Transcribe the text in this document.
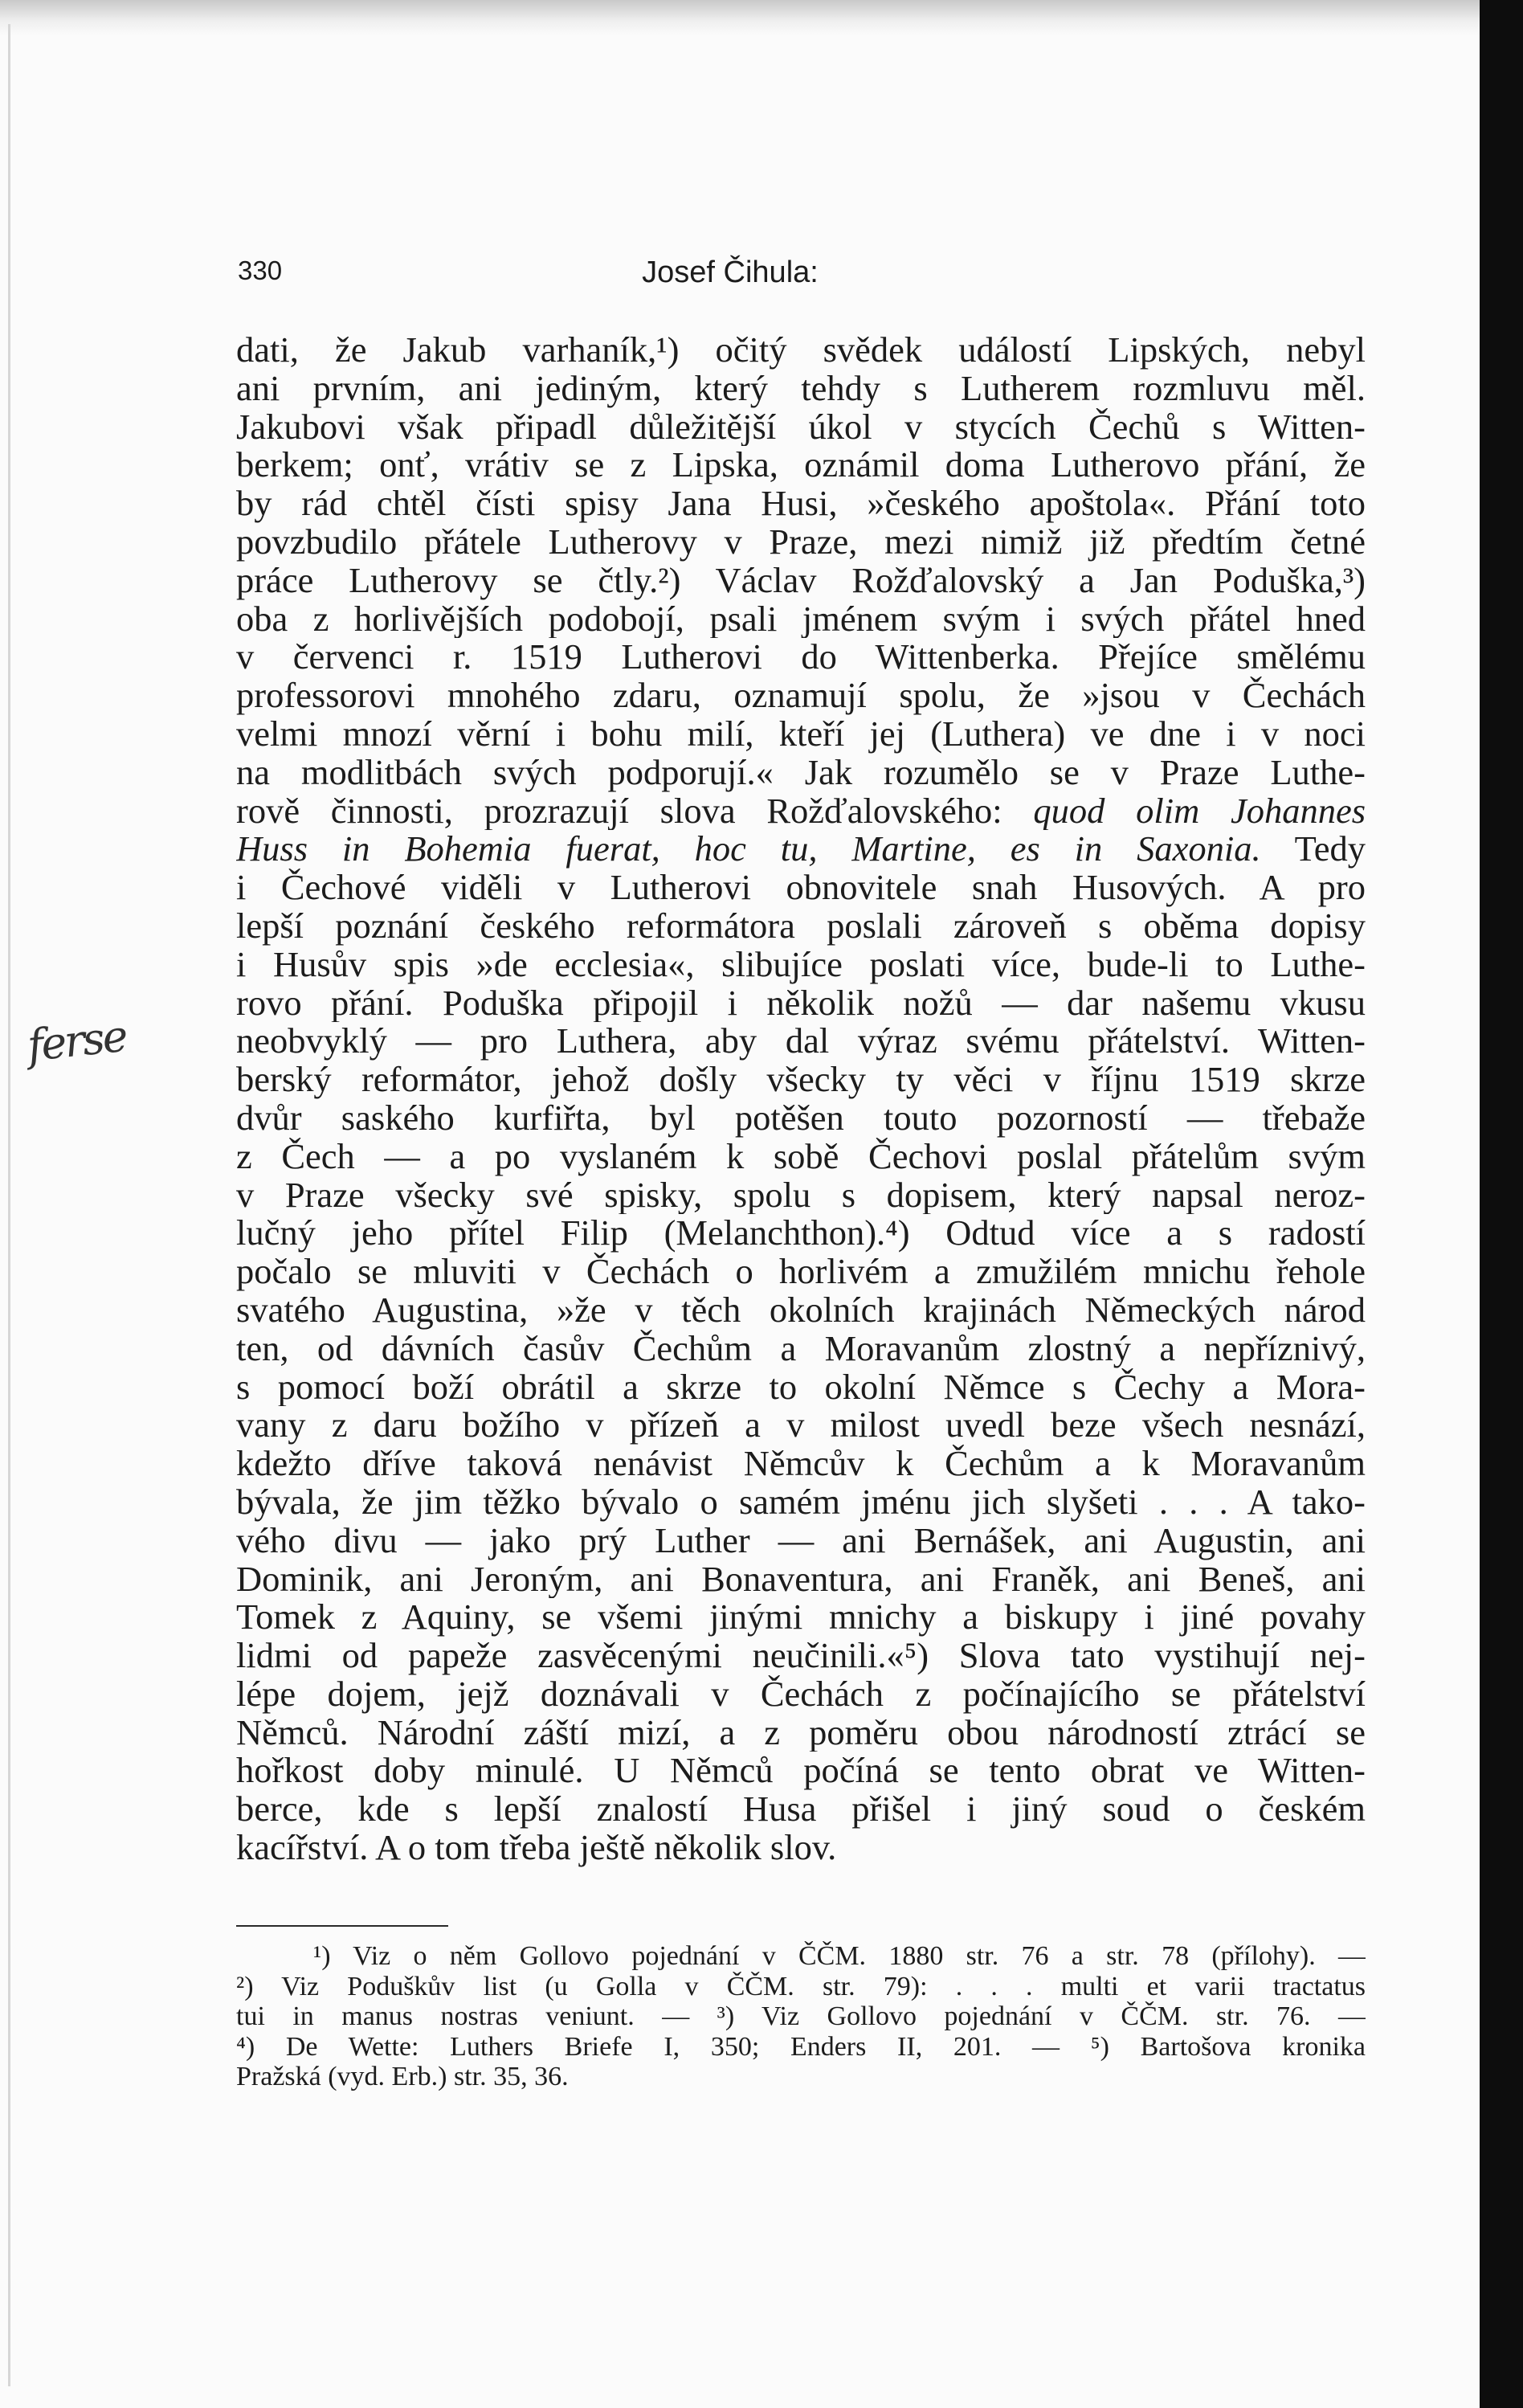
330	Josef Čihula:
ferse
dati, že Jakub varhaník,¹) očitý svědek událostí Lipských, nebyl
ani prvním, ani jediným, který tehdy s Lutherem rozmluvu měl.
Jakubovi však připadl důležitější úkol v stycích Čechů s Witten-
berkem; onť, vrátiv se z Lipska, oznámil doma Lutherovo přání, že
by rád chtěl čísti spisy Jana Husi, »českého apoštola«. Přání toto
povzbudilo přátele Lutherovy v Praze, mezi nimiž již předtím četné
práce Lutherovy se čtly.²) Václav Rožďalovský a Jan Poduška,³)
oba z horlivějších podobojí, psali jménem svým i svých přátel hned
v červenci r. 1519 Lutherovi do Wittenberka. Přejíce smělému
professorovi mnohého zdaru, oznamují spolu, že »jsou v Čechách
velmi mnozí věrní i bohu milí, kteří jej (Luthera) ve dne i v noci
na modlitbách svých podporují.« Jak rozumělo se v Praze Luthe-
rově činnosti, prozrazují slova Rožďalovského: quod olim Johannes
Huss in Bohemia fuerat, hoc tu, Martine, es in Saxonia. Tedy
i Čechové viděli v Lutherovi obnovitele snah Husových. A pro
lepší poznání českého reformátora poslali zároveň s oběma dopisy
i Husův spis »de ecclesia«, slibujíce poslati více, bude-li to Luthe-
rovo přání. Poduška připojil i několik nožů — dar našemu vkusu
neobvyklý — pro Luthera, aby dal výraz svému přátelství. Witten-
berský reformátor, jehož došly všecky ty věci v říjnu 1519 skrze
dvůr saského kurfiřta, byl potěšen touto pozorností — třebaže
z Čech — a po vyslaném k sobě Čechovi poslal přátelům svým
v Praze všecky své spisky, spolu s dopisem, který napsal neroz-
lučný jeho přítel Filip (Melanchthon).⁴) Odtud více a s radostí
počalo se mluviti v Čechách o horlivém a zmužilém mnichu řehole
svatého Augustina, »že v těch okolních krajinách Německých národ
ten, od dávních časův Čechům a Moravanům zlostný a nepříznivý,
s pomocí boží obrátil a skrze to okolní Němce s Čechy a Mora-
vany z daru božího v přízeň a v milost uvedl beze všech nesnází,
kdežto dříve taková nenávist Němcův k Čechům a k Moravanům
bývala, že jim těžko bývalo o samém jménu jich slyšeti . . . A tako-
vého divu — jako prý Luther — ani Bernášek, ani Augustin, ani
Dominik, ani Jeroným, ani Bonaventura, ani Franěk, ani Beneš, ani
Tomek z Aquiny, se všemi jinými mnichy a biskupy i jiné povahy
lidmi od papeže zasvěcenými neučinili.«⁵) Slova tato vystihují nej-
lépe dojem, jejž doznávali v Čechách z počínajícího se přátelství
Němců. Národní záští mizí, a z poměru obou národností ztrácí se
hořkost doby minulé. U Němců počíná se tento obrat ve Witten-
berce, kde s lepší znalostí Husa přišel i jiný soud o českém
kacířství. A o tom třeba ještě několik slov.
¹) Viz o něm Gollovo pojednání v ČČM. 1880 str. 76 a str. 78 (přílohy). —
²) Viz Poduškův list (u Golla v ČČM. str. 79): . . . multi et varii tractatus
tui in manus nostras veniunt. — ³) Viz Gollovo pojednání v ČČM. str. 76. —
⁴) De Wette: Luthers Briefe I, 350; Enders II, 201. — ⁵) Bartošova kronika
Pražská (vyd. Erb.) str. 35, 36.
